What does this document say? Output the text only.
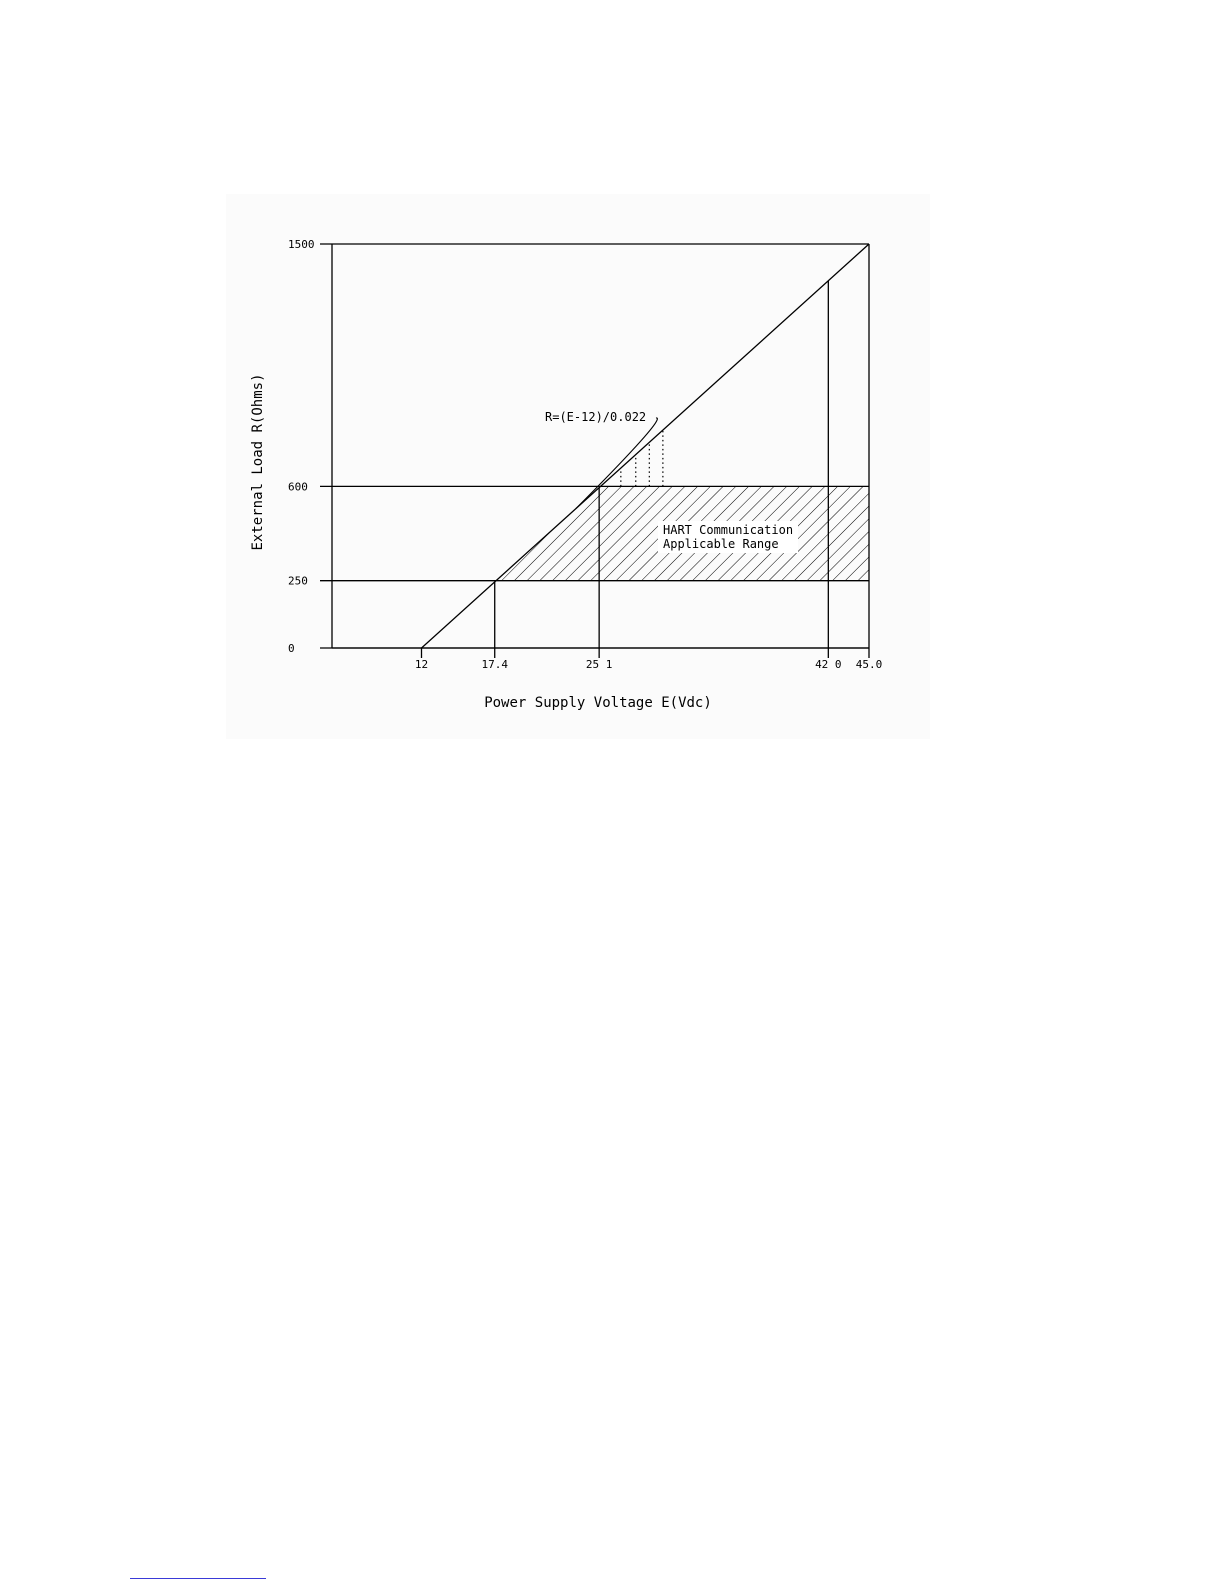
Power Supply Voltage E(Vdc)
External Load R(Ohms)	HART Communication
Applicable Range
R=(E-12)/0.022
0
250
600
1500
12	17.4	25 1	42 0 45.0
